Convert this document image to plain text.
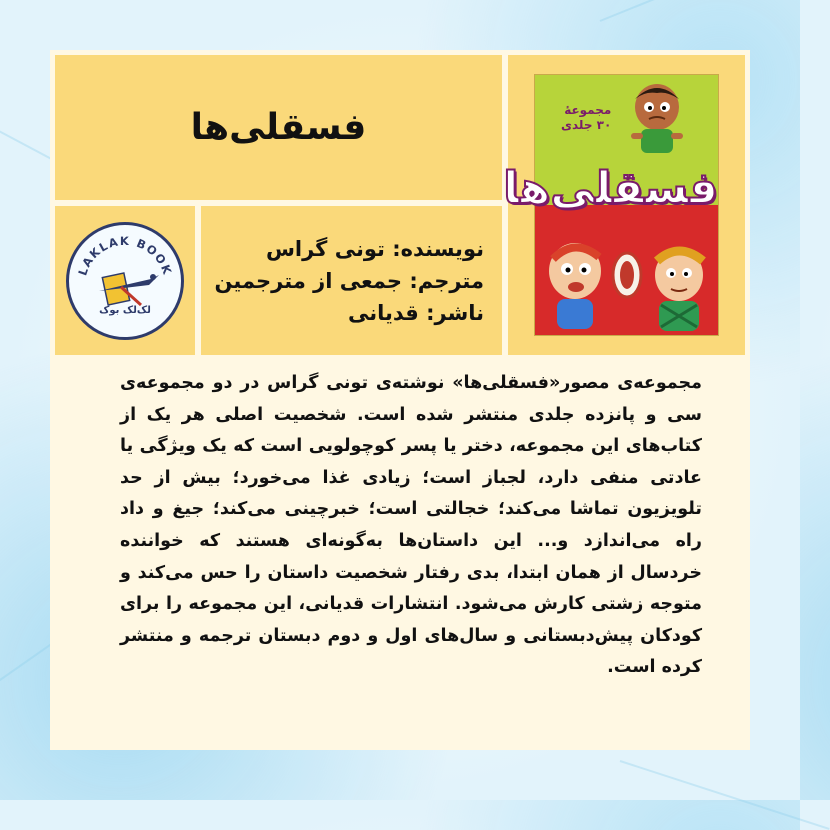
فسقلی‌ها	مجموعهٔ
۳۰ جلدی
فسقلی‌ها
LAKLAK BOOK
لک‌لک بوک
نویسنده: تونی گراس
مترجم: جمعی از مترجمین
ناشر: قدیانی
مجموعه‌ی مصور«فسقلی‌ها» نوشته‌ی تونی گراس در دو مجموعه‌ی سی و پانزده جلدی منتشر شده است. شخصیت اصلی هر یک از کتاب‌های این مجموعه، دختر یا پسر کوچولویی است که یک ویژگی یا عادتی منفی دارد، لجباز است؛ زیادی غذا می‌خورد؛ بیش از حد تلویزیون تماشا می‌کند؛ خجالتی است؛ خبرچینی می‌کند؛ جیغ و داد راه می‌اندازد و... این داستان‌ها به‌گونه‌ای هستند که خواننده خردسال از همان ابتدا، بدی رفتار شخصیت داستان را حس می‌کند و متوجه زشتی کارش می‌شود. انتشارات قدیانی، این مجموعه را برای کودکان پیش‌دبستانی و سال‌های اول و دوم دبستان ترجمه و منتشر کرده است.
